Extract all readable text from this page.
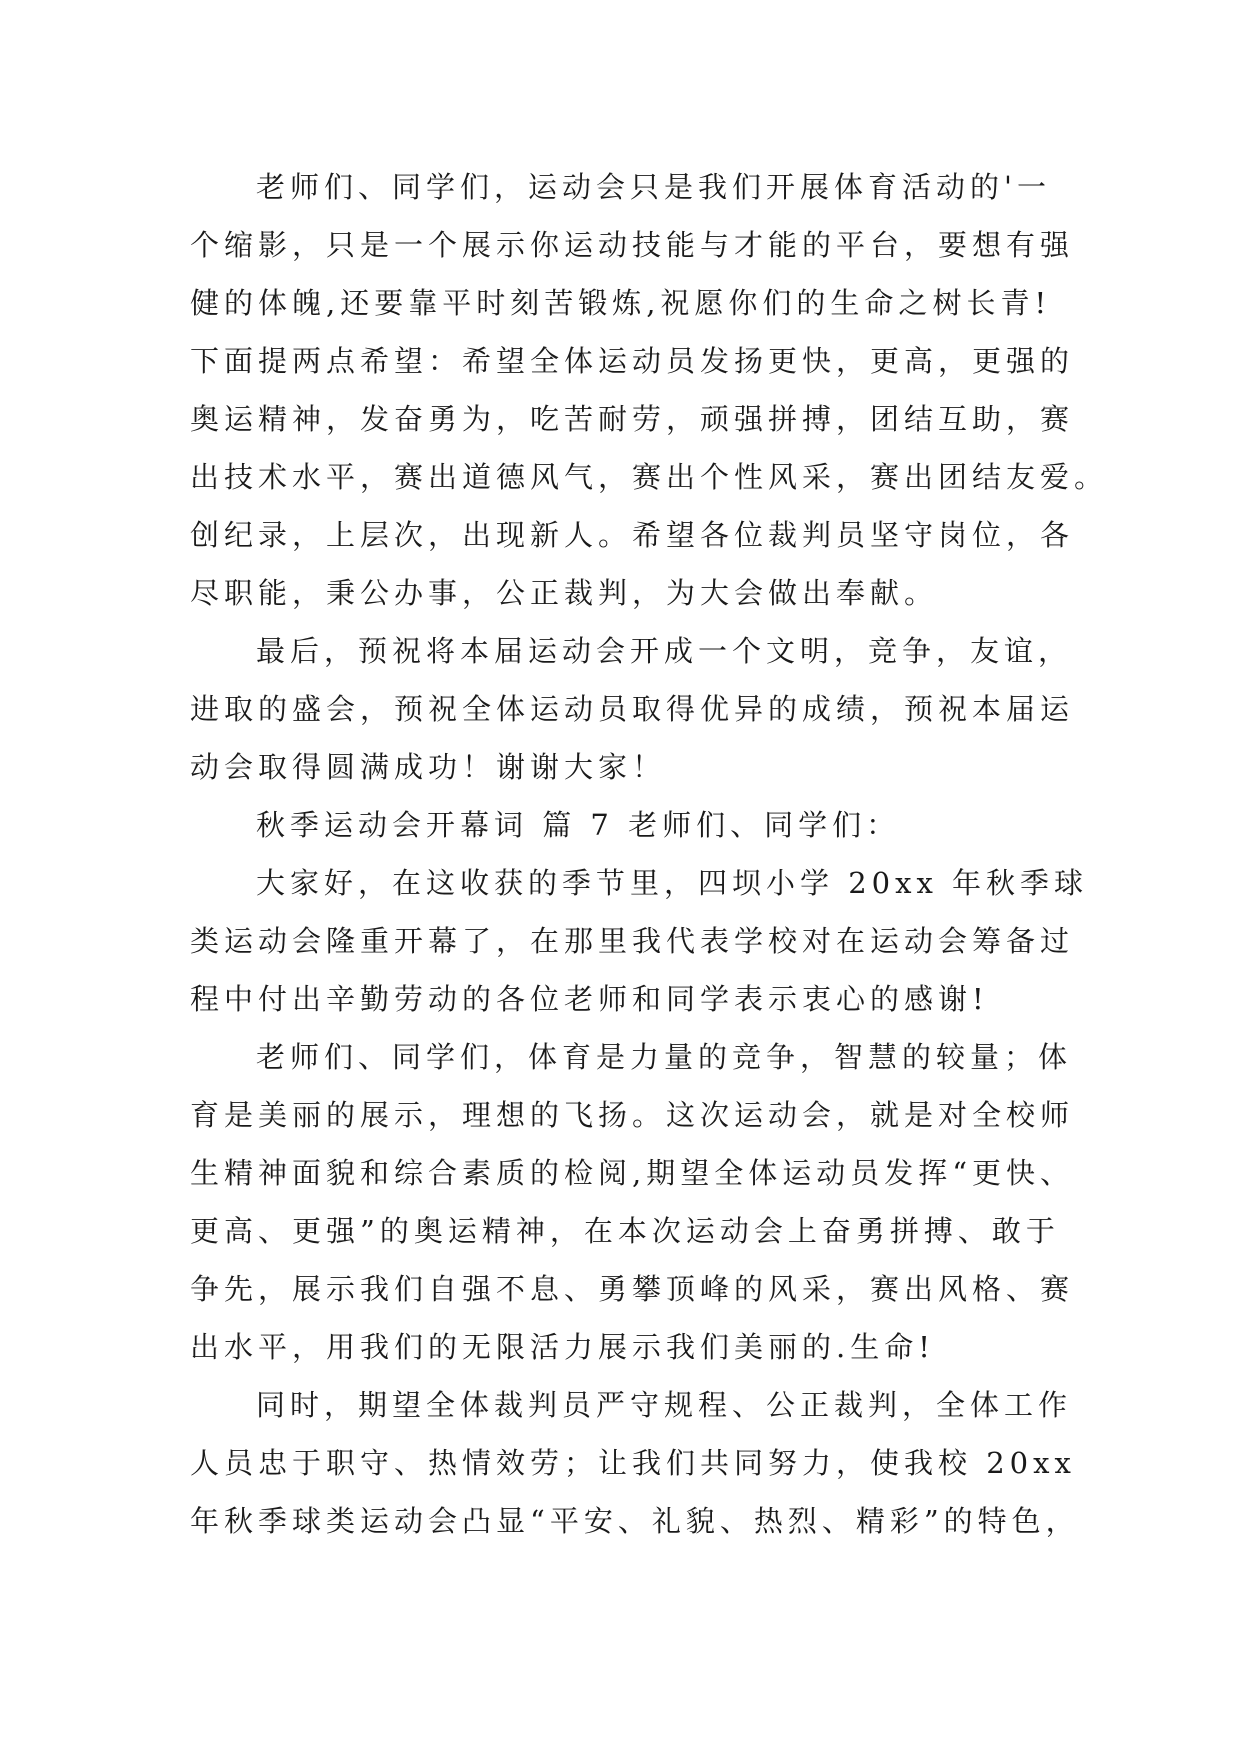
老师们、同学们，运动会只是我们开展体育活动的'一
个缩影，只是一个展示你运动技能与才能的平台，要想有强
健的体魄,还要靠平时刻苦锻炼,祝愿你们的生命之树长青!
下面提两点希望：希望全体运动员发扬更快，更高，更强的
奥运精神，发奋勇为，吃苦耐劳，顽强拼搏，团结互助，赛
出技术水平，赛出道德风气，赛出个性风采，赛出团结友爱。
创纪录，上层次，出现新人。希望各位裁判员坚守岗位，各
尽职能，秉公办事，公正裁判，为大会做出奉献。
最后，预祝将本届运动会开成一个文明，竞争，友谊，
进取的盛会，预祝全体运动员取得优异的成绩，预祝本届运
动会取得圆满成功！谢谢大家！
秋季运动会开幕词 篇 7 老师们、同学们：
大家好，在这收获的季节里，四坝小学 20xx 年秋季球
类运动会隆重开幕了，在那里我代表学校对在运动会筹备过
程中付出辛勤劳动的各位老师和同学表示衷心的感谢!
老师们、同学们，体育是力量的竞争，智慧的较量；体
育是美丽的展示，理想的飞扬。这次运动会，就是对全校师
生精神面貌和综合素质的检阅,期望全体运动员发挥“更快、
更高、更强”的奥运精神，在本次运动会上奋勇拼搏、敢于
争先，展示我们自强不息、勇攀顶峰的风采，赛出风格、赛
出水平，用我们的无限活力展示我们美丽的.生命!
同时，期望全体裁判员严守规程、公正裁判，全体工作
人员忠于职守、热情效劳；让我们共同努力，使我校 20xx
年秋季球类运动会凸显“平安、礼貌、热烈、精彩”的特色，
